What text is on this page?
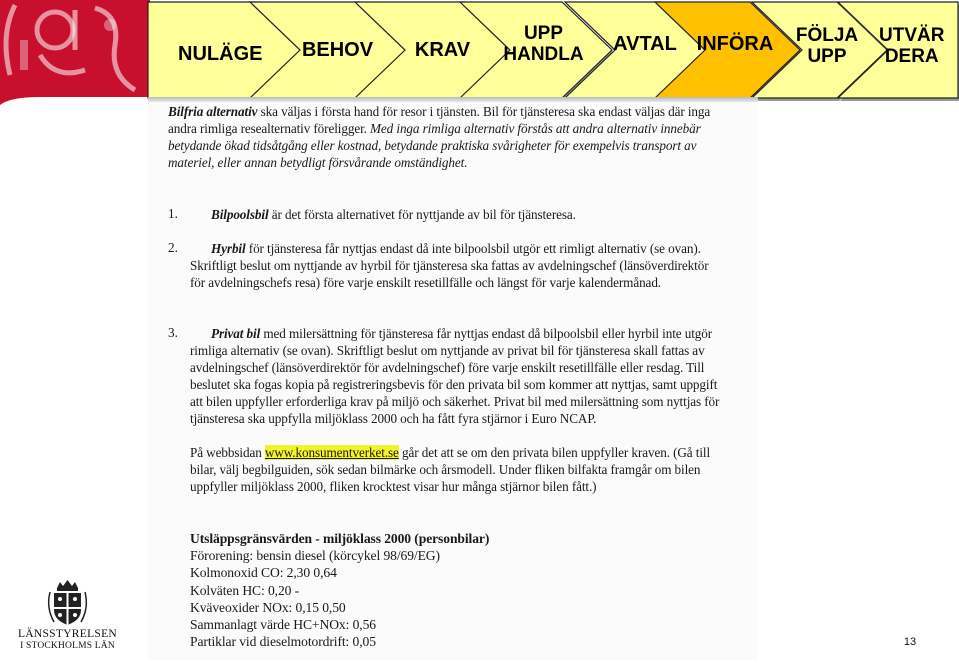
NULÄGE	BEHOV	KRAV
UPP
HANDLA	AVTAL INFÖRA	FÖLJA
UPP
UTVÄR
DERA
Bilfria alternativ ska väljas i första hand för resor i tjänsten. Bil för tjänsteresa ska endast väljas där inga andra rimliga resealternativ föreligger. Med inga rimliga alternativ förstås att andra alternativ innebär betydande ökad tidsåtgång eller kostnad, betydande praktiska svårigheter för exempelvis transport av materiel, eller annan betydligt försvårande omständighet.
1.	Bilpoolsbil är det första alternativet för nyttjande av bil för tjänsteresa.
2.	Hyrbil för tjänsteresa får nyttjas endast då inte bilpoolsbil utgör ett rimligt alternativ (se ovan). Skriftligt beslut om nyttjande av hyrbil för tjänsteresa ska fattas av avdelningschef (länsöverdirektör för avdelningschefs resa) före varje enskilt resetillfälle och längst för varje kalendermånad.
3.	Privat bil med milersättning för tjänsteresa får nyttjas endast då bilpoolsbil eller hyrbil inte utgör rimliga alternativ (se ovan). Skriftligt beslut om nyttjande av privat bil för tjänsteresa skall fattas av avdelningschef (länsöverdirektör för avdelningschef) före varje enskilt resetillfälle eller resdag. Till beslutet ska fogas kopia på registreringsbevis för den privata bil som kommer att nyttjas, samt uppgift att bilen uppfyller erforderliga krav på miljö och säkerhet. Privat bil med milersättning som nyttjas för tjänsteresa ska uppfylla miljöklass 2000 och ha fått fyra stjärnor i Euro NCAP.
På webbsidan www.konsumentverket.se går det att se om den privata bilen uppfyller kraven. (Gå till bilar, välj begbilguiden, sök sedan bilmärke och årsmodell. Under fliken bilfakta framgår om bilen uppfyller miljöklass 2000, fliken krocktest visar hur många stjärnor bilen fått.)
Utsläppsgränsvärden - miljöklass 2000 (personbilar)
Förorening: bensin diesel (körcykel 98/69/EG)
Kolmonoxid CO: 2,30 0,64
Kolväten HC: 0,20 -
Kväveoxider NOx: 0,15 0,50
Sammanlagt värde HC+NOx: 0,56
Partiklar vid dieselmotordrift: 0,05
LÄNSSTYRELSEN
I STOCKHOLMS LÄN	13
